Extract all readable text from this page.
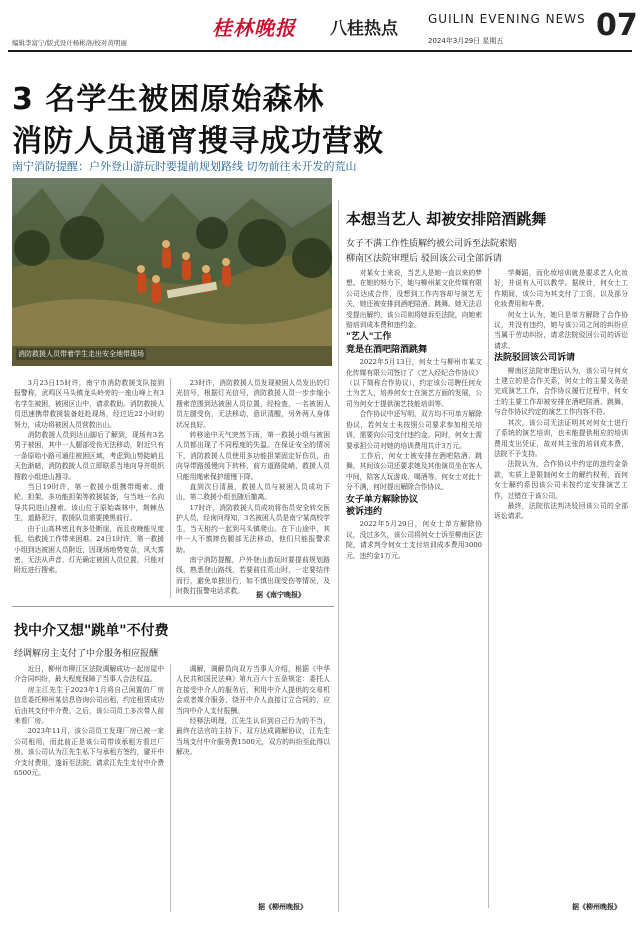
编辑李富宁/版式设计杨彬洛/校对黄明丽
桂林晚报 八桂热点	GUILIN EVENING NEWS
2024年3月29日 星期五	07
3 名学生被困原始森林
消防人员通宵搜寻成功营救
南宁消防提醒：户外登山游玩时要提前规划路线 切勿前往未开发的荒山
消防救援人员带着学生走出安全地带现场
本想当艺人 却被安排陪酒跳舞
女子不满工作性质解约被公司诉至法院索赔
柳南区法院审理后 驳回该公司全部诉请

3月23日15时许，南宁市消防救援支队接到报警称，武鸣区马头镇龙头岭旁的一座山峰上有3名学生被困，被困区山中，请求救助。消防救援人员迅速携带救援装备赶赴现场，经过近22小时的努力，成功将被困人员营救出山。

消防救援人员到达山脚后了解到，现场有3名男子被困，其中一人腿部受伤无法移动，附近只有一条原始小路可通往被困区域，考虑到山势陡峭且天色渐暗，消防救援人员立即联系当地向导并组织搜救小组进山搜寻。

当日19时许，第一救援小组携带绳索、滑轮、担架、多功能担架等救援装备，与当地一名向导共同进山搜索。该山位于原始森林中，荆棘丛生，道路泥泞，救援队员需要摸黑前行。

由于山高林密且有多处断崖，而且夜晚能见度低，给救援工作带来困难。24日1时许，第一救援小组到达被困人员附近，因现场地势复杂，风大雾密，无法从声音、灯光确定被困人员位置，只能对附近进行搜索。

23时许，消防救援人员发现被困人员发出的灯光信号，根据灯光信号，消防救援人员一步步缩小搜索范围到达被困人员位置，经检查，一名被困人员左腿受伤，无法移动，意识清醒，另外两人身体状况良好。

转移途中天气突然下雨，第一救援小组与被困人员都出现了不同程度的失温。在保证安全的情况下，消防救援人员使用多功能担架固定好伤员，由向导带路缓慢向下转移，前方道路陡峭，救援人员只能用绳索保护缓慢下降。

直到次日清晨，救援人员与被困人员成功下山，第二救援小组也随后撤离。

17时许，消防救援人员成功将伤员安全转交医护人员，经询问得知，3名被困人员是南宁某高校学生，当天相约一起到马头镇爬山。在下山途中，其中一人不慎摔伤腿部无法移动，他们只能报警求助。

南宁消防提醒，户外登山游玩时要提前规划路线，熟悉登山路线，若要前往荒山时，一定要结伴而行，避免单独出行，如不慎出现受伤等情况，及时拨打报警电话求救。	据《南宁晚报》
找中介又想"跳单"不付费
经调解房主支付了中介服务相应报酬

近日，柳州市柳江区法院调解成功一起房屋中介合同纠纷，最大程度保障了当事人合法权益。

房主江先生于2023年1月将自己闲置的厂房信息委托柳州某信息咨询公司出租，约定租赁成功后由其支付中介费。之后，该公司员工多次带人前来看厂房。

2023年11月，该公司员工发现厂房已被一家公司租用，而此前正是该公司带该承租方看过厂房。该公司认为江先生私下与承租方签约，避开中介支付费用，遂诉至法院，请求江先生支付中介费6500元。

调解，调解员向双方当事人介绍，根据《中华人民共和国民法典》第九百六十五条规定：委托人在接受中介人的服务后，利用中介人提供的交易机会或者媒介服务，绕开中介人直接订立合同的，应当向中介人支付报酬。

经释法明理，江先生认识到自己行为的不当，最终在法官的主持下，双方达成调解协议，江先生当场支付中介服务费1500元，双方的纠纷至此得以解决。

据《柳州晚报》

对某女士来说，当艺人是她一直以来的梦想。在她的努力下，她与柳州某文化传媒有限公司达成合作，没想到工作内容却与演艺无关，她还被安排到酒吧陪酒、跳舞。她无法忍受提出解约，该公司则将她诉至法院，向她索赔培训成本费和违约金。

"艺人"工作
竟是在酒吧陪酒跳舞

2022年5月13日，何女士与柳州市某文化传媒有限公司签订了《艺人经纪合作协议》（以下简称合作协议），约定该公司聘任何女士为艺人，培养何女士在演艺方面的发展，公司为何女士提供演艺技能培训等。

合作协议中还写明，双方均不可单方解除协议，若何女士未按照公司要求参加相关培训，需要向公司支付违约金。同时，何女士需要承担公司对她的培训费用共计3万元。

工作后，何女士被安排在酒吧陪酒、跳舞，其间该公司还要求她及其他演员坐在客人中间，陪客人玩游戏、喝酒等。何女士对此十分不满，何时提出解除合作协议。

女子单方解除协议
被诉违约

2022年5月29日，何女士单方解除协议，没过多久，该公司将何女士诉至柳南区法院，请求判令何女士支付培训成本费用3000元、违约金1万元。

学舞蹈，而化妆培训就是要求艺人化妆好，并说有人可以教学。据统计，何女士工作期间，该公司为其支付了工资，以及部分化妆费用和车费。

何女士认为，她只是单方解除了合作协议，并没有违约，她与该公司之间的纠纷应当属于劳动纠纷，请求法院驳回公司的诉讼请求。

法院驳回该公司诉请

柳南区法院审理后认为，该公司与何女士建立的是合作关系，何女士的主要义务是完成演艺工作，合作协议履行过程中，何女士的主要工作却被安排在酒吧陪酒、跳舞，与合作协议约定的演艺工作内容不符。

其次，该公司无法证明其对何女士进行了系统的演艺培训，也未能提供相应的培训费用支出凭证，故对其主张的培训成本费，法院不予支持。

法院认为，合作协议中约定的违约金条款，实质上是限制何女士的解约权利，而何女士解约系因该公司未按约定安排演艺工作，过错在于该公司。

最终，法院依法判决驳回该公司的全部诉讼请求。

据《柳州晚报》
